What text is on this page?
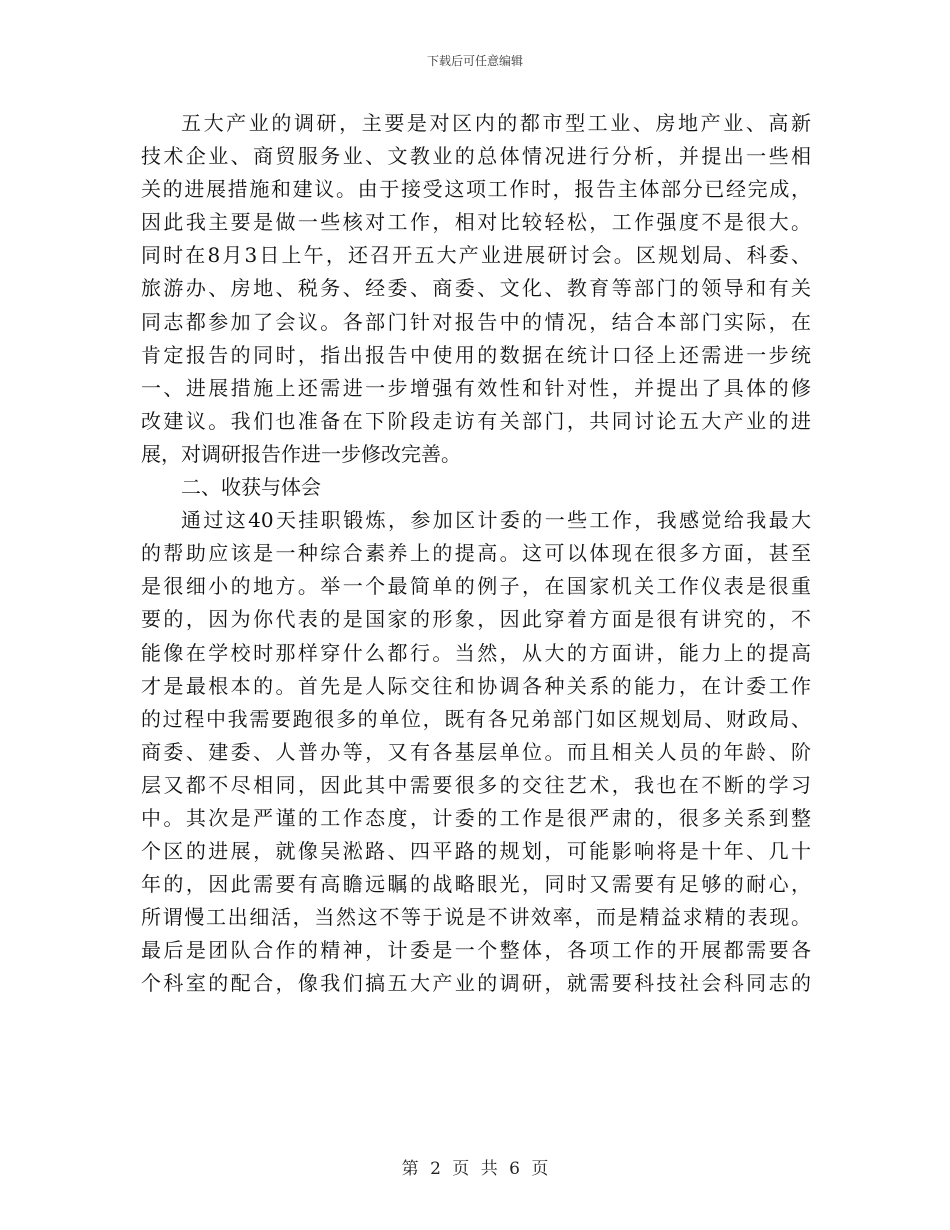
下载后可任意编辑
五大产业的调研，主要是对区内的都市型工业、房地产业、高新
技术企业、商贸服务业、文教业的总体情况进行分析，并提出一些相
关的进展措施和建议。由于接受这项工作时，报告主体部分已经完成，
因此我主要是做一些核对工作，相对比较轻松，工作强度不是很大。
同时在8月3日上午，还召开五大产业进展研讨会。区规划局、科委、
旅游办、房地、税务、经委、商委、文化、教育等部门的领导和有关
同志都参加了会议。各部门针对报告中的情况，结合本部门实际，在
肯定报告的同时，指出报告中使用的数据在统计口径上还需进一步统
一、进展措施上还需进一步增强有效性和针对性，并提出了具体的修
改建议。我们也准备在下阶段走访有关部门，共同讨论五大产业的进
展，对调研报告作进一步修改完善。
二、收获与体会
通过这40天挂职锻炼，参加区计委的一些工作，我感觉给我最大
的帮助应该是一种综合素养上的提高。这可以体现在很多方面，甚至
是很细小的地方。举一个最简单的例子，在国家机关工作仪表是很重
要的，因为你代表的是国家的形象，因此穿着方面是很有讲究的，不
能像在学校时那样穿什么都行。当然，从大的方面讲，能力上的提高
才是最根本的。首先是人际交往和协调各种关系的能力，在计委工作
的过程中我需要跑很多的单位，既有各兄弟部门如区规划局、财政局、
商委、建委、人普办等，又有各基层单位。而且相关人员的年龄、阶
层又都不尽相同，因此其中需要很多的交往艺术，我也在不断的学习
中。其次是严谨的工作态度，计委的工作是很严肃的，很多关系到整
个区的进展，就像吴淞路、四平路的规划，可能影响将是十年、几十
年的，因此需要有高瞻远瞩的战略眼光，同时又需要有足够的耐心，
所谓慢工出细活，当然这不等于说是不讲效率，而是精益求精的表现。
最后是团队合作的精神，计委是一个整体，各项工作的开展都需要各
个科室的配合，像我们搞五大产业的调研，就需要科技社会科同志的
第 2 页 共 6 页
